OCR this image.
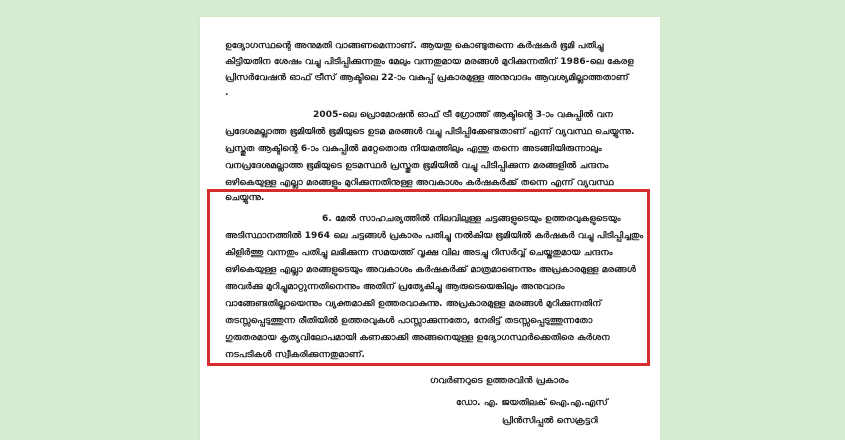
ഉദ്യോഗസ്ഥന്റെ അനുമതി വാങ്ങണമെന്നാണ്. ആയതു കൊണ്ടുതന്നെ കർഷകർ ഭൂമി പതിച്ചു
കിട്ടിയതിന ശേഷം വച്ചു പിടിപ്പിക്കുന്നതും മേലും വന്നതുമായ മരങ്ങൾ മുറിക്കുന്നതിന് 1986-ലെ കേരള
പ്രിസർവേഷൻ ഓഫ് ട്രീസ് ആക്ടിലെ 22-ാം വകുപ്പ് പ്രകാരമുള്ള അനുവാദം ആവശ്യമില്ലാത്തതാണ്
.
2005-ലെ പ്രൊമോഷൻ ഓഫ് ട്രീ ഗ്രോത്ത് ആക്ടിന്റെ 3-ാം വകുപ്പിൽ വന
പ്രദേശമല്ലാത്ത ഭൂമിയിൽ ഭൂമിയുടെ ഉടമ മരങ്ങൾ വച്ചു പിടിപ്പിക്കേണ്ടതാണ് എന്ന് വ്യവസ്ഥ ചെയ്യുന്നു.
പ്രസ്തുത ആക്ടിന്റെ 6-ാം വകുപ്പിൽ മറ്റേതൊരു നിയമത്തിലും എന്തു തന്നെ അടങ്ങിയിരുന്നാലും
വനപ്രദേശമല്ലാത്ത ഭൂമിയുടെ ഉടമസ്ഥർ പ്രസ്തുത ഭൂമിയിൽ വച്ചു പിടിപ്പിക്കുന്ന മരങ്ങളിൽ ചന്ദനം
ഒഴികെയുള്ള എല്ലാ മരങ്ങളും മുറിക്കുന്നതിനുള്ള അവകാശം കർഷകർക്ക് തന്നെ എന്ന് വ്യവസ്ഥ
ചെയ്യുന്നു.
6. മേൽ സാഹചര്യത്തിൽ നിലവിലുള്ള ചട്ടങ്ങളുടെയും ഉത്തരവുകളുടെയും
അടിസ്ഥാനത്തിൽ 1964 ലെ ചട്ടങ്ങൾ പ്രകാരം പതിച്ചു നൽകിയ ഭൂമിയിൽ കർഷകർ വച്ചു പിടിപ്പിച്ചതും
കിളിർത്തു വന്നതും പതിച്ചു ലഭിക്കുന്ന സമയത്ത് വൃക്ഷ വില അടച്ചു റിസർവ്വ് ചെയ്തതുമായ ചന്ദനം
ഒഴികെയുള്ള എല്ലാ മരങ്ങളുടെയും അവകാശം കർഷകർക്ക് മാത്രമാണെന്നും അപ്രകാരമുള്ള മരങ്ങൾ
അവർക്കു മുറിച്ചുമാറ്റുന്നതിനെന്നും അതിന് പ്രത്യേകിച്ചു ആരുടെയെങ്കിലും അനുവാദം
വാങ്ങേണ്ടതില്ലായെന്നും വ്യക്തമാക്കി ഉത്തരവാകുന്നു. അപ്രകാരമുള്ള മരങ്ങൾ മുറിക്കുന്നതിന്
തടസ്സപ്പെടുത്തുന്ന രീതിയിൽ ഉത്തരവുകൾ പാസ്സാക്കുന്നതോ, നേരിട്ട് തടസ്സപ്പെടുത്തുന്നതോ
ഗുരുതരമായ കൃത്യവിലോപമായി കണക്കാക്കി അങ്ങനെയുള്ള ഉദ്യോഗസ്ഥർക്കെതിരെ കർശന
നടപടികൾ സ്വീകരിക്കുന്നതുമാണ്.
ഗവർണറുടെ ഉത്തരവിൻ പ്രകാരം
ഡോ. എ. ജയതിലക് ഐ.എ.എസ്
പ്രിൻസിപ്പൽ സെക്രട്ടറി
